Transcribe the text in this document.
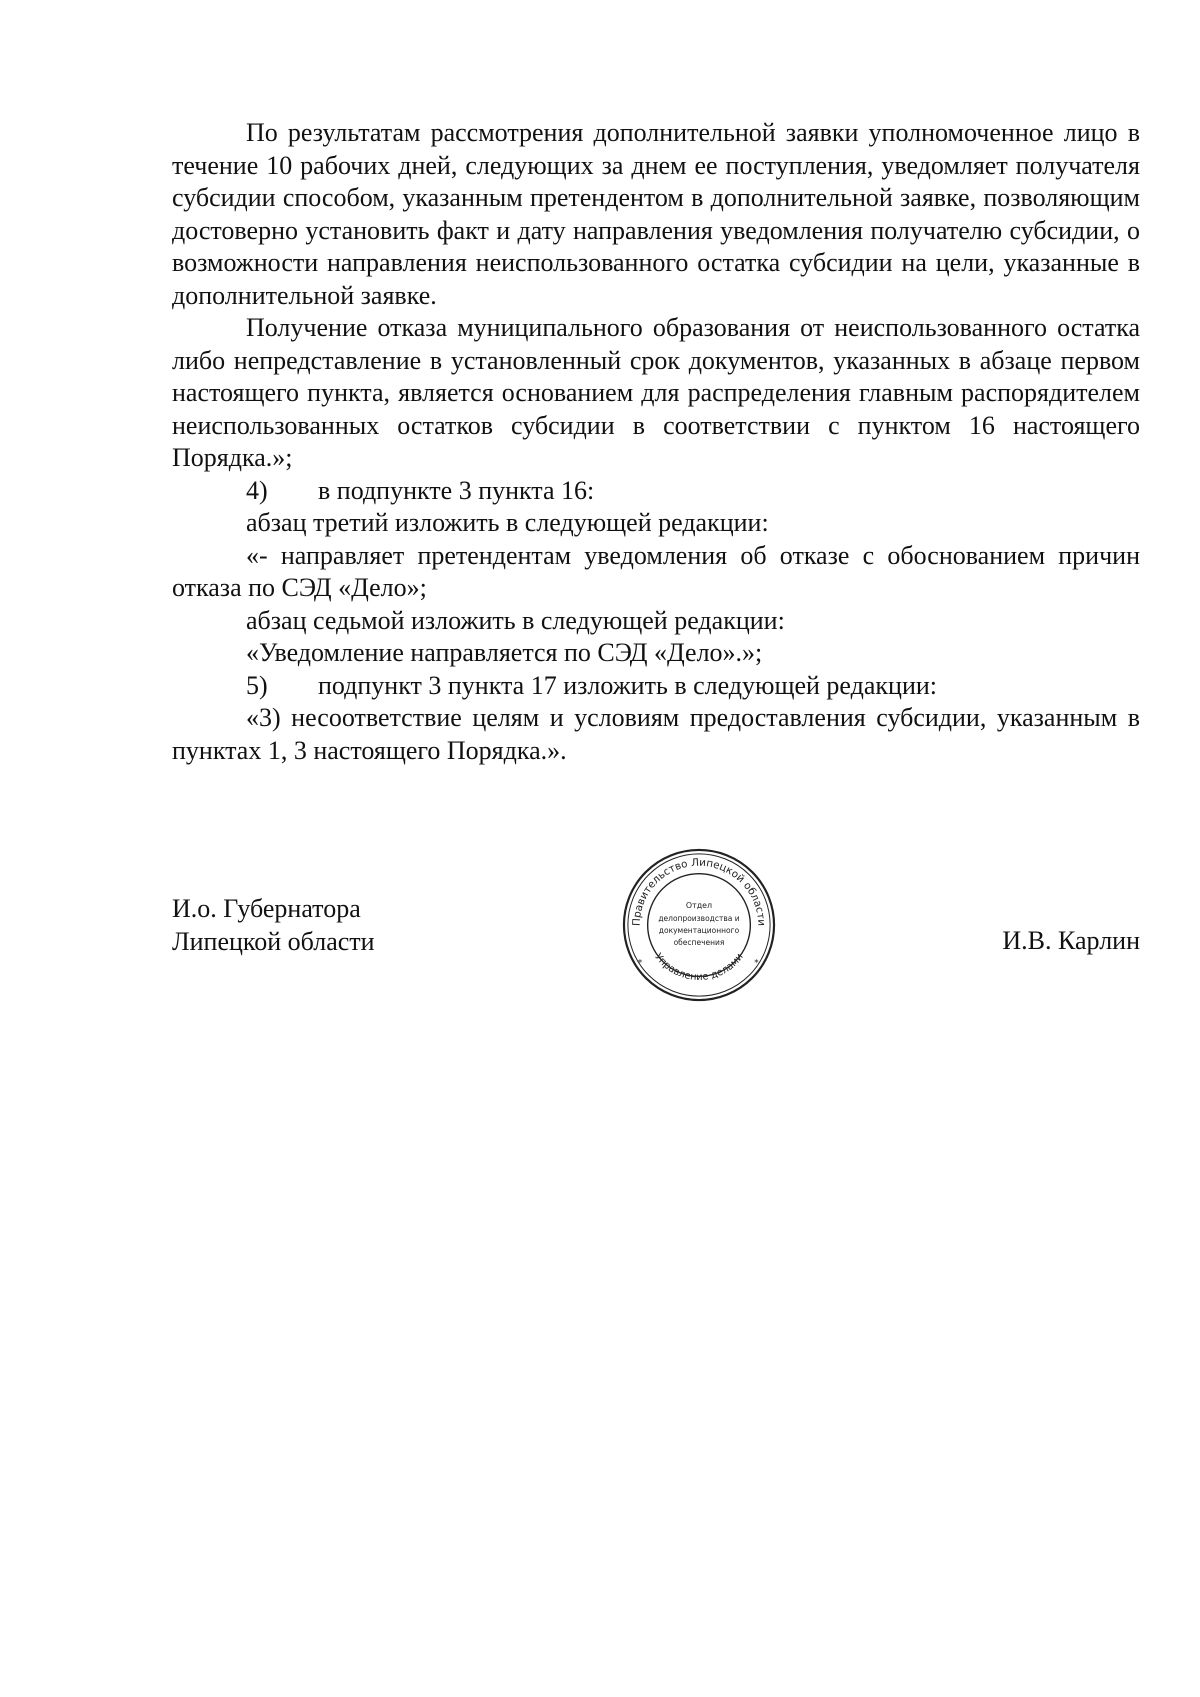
По результатам рассмотрения дополнительной заявки уполномоченное лицо в течение 10 рабочих дней, следующих за днем ее поступления, уведомляет получателя субсидии способом, указанным претендентом в дополнительной заявке, позволяющим достоверно установить факт и дату направления уведомления получателю субсидии, о возможности направления неиспользованного остатка субсидии на цели, указанные в дополнительной заявке.

Получение отказа муниципального образования от неиспользованного остатка либо непредставление в установленный срок документов, указанных в абзаце первом настоящего пункта, является основанием для распределения главным распорядителем неиспользованных остатков субсидии в соответствии с пунктом 16 настоящего Порядка.»;

4) в подпункте 3 пункта 16:

абзац третий изложить в следующей редакции:

«- направляет претендентам уведомления об отказе с обоснованием причин отказа по СЭД «Дело»;

абзац седьмой изложить в следующей редакции:

«Уведомление направляется по СЭД «Дело».»;

5) подпункт 3 пункта 17 изложить в следующей редакции:

«3) несоответствие целям и условиям предоставления субсидии, указанным в пунктах 1, 3 настоящего Порядка.».

И.о. Губернатора
Липецкой области
Правительство Липецкой области
Управление делами
*	*
Отдел
делопроизводства и
документационного
обеспечения	И.В. Карлин
